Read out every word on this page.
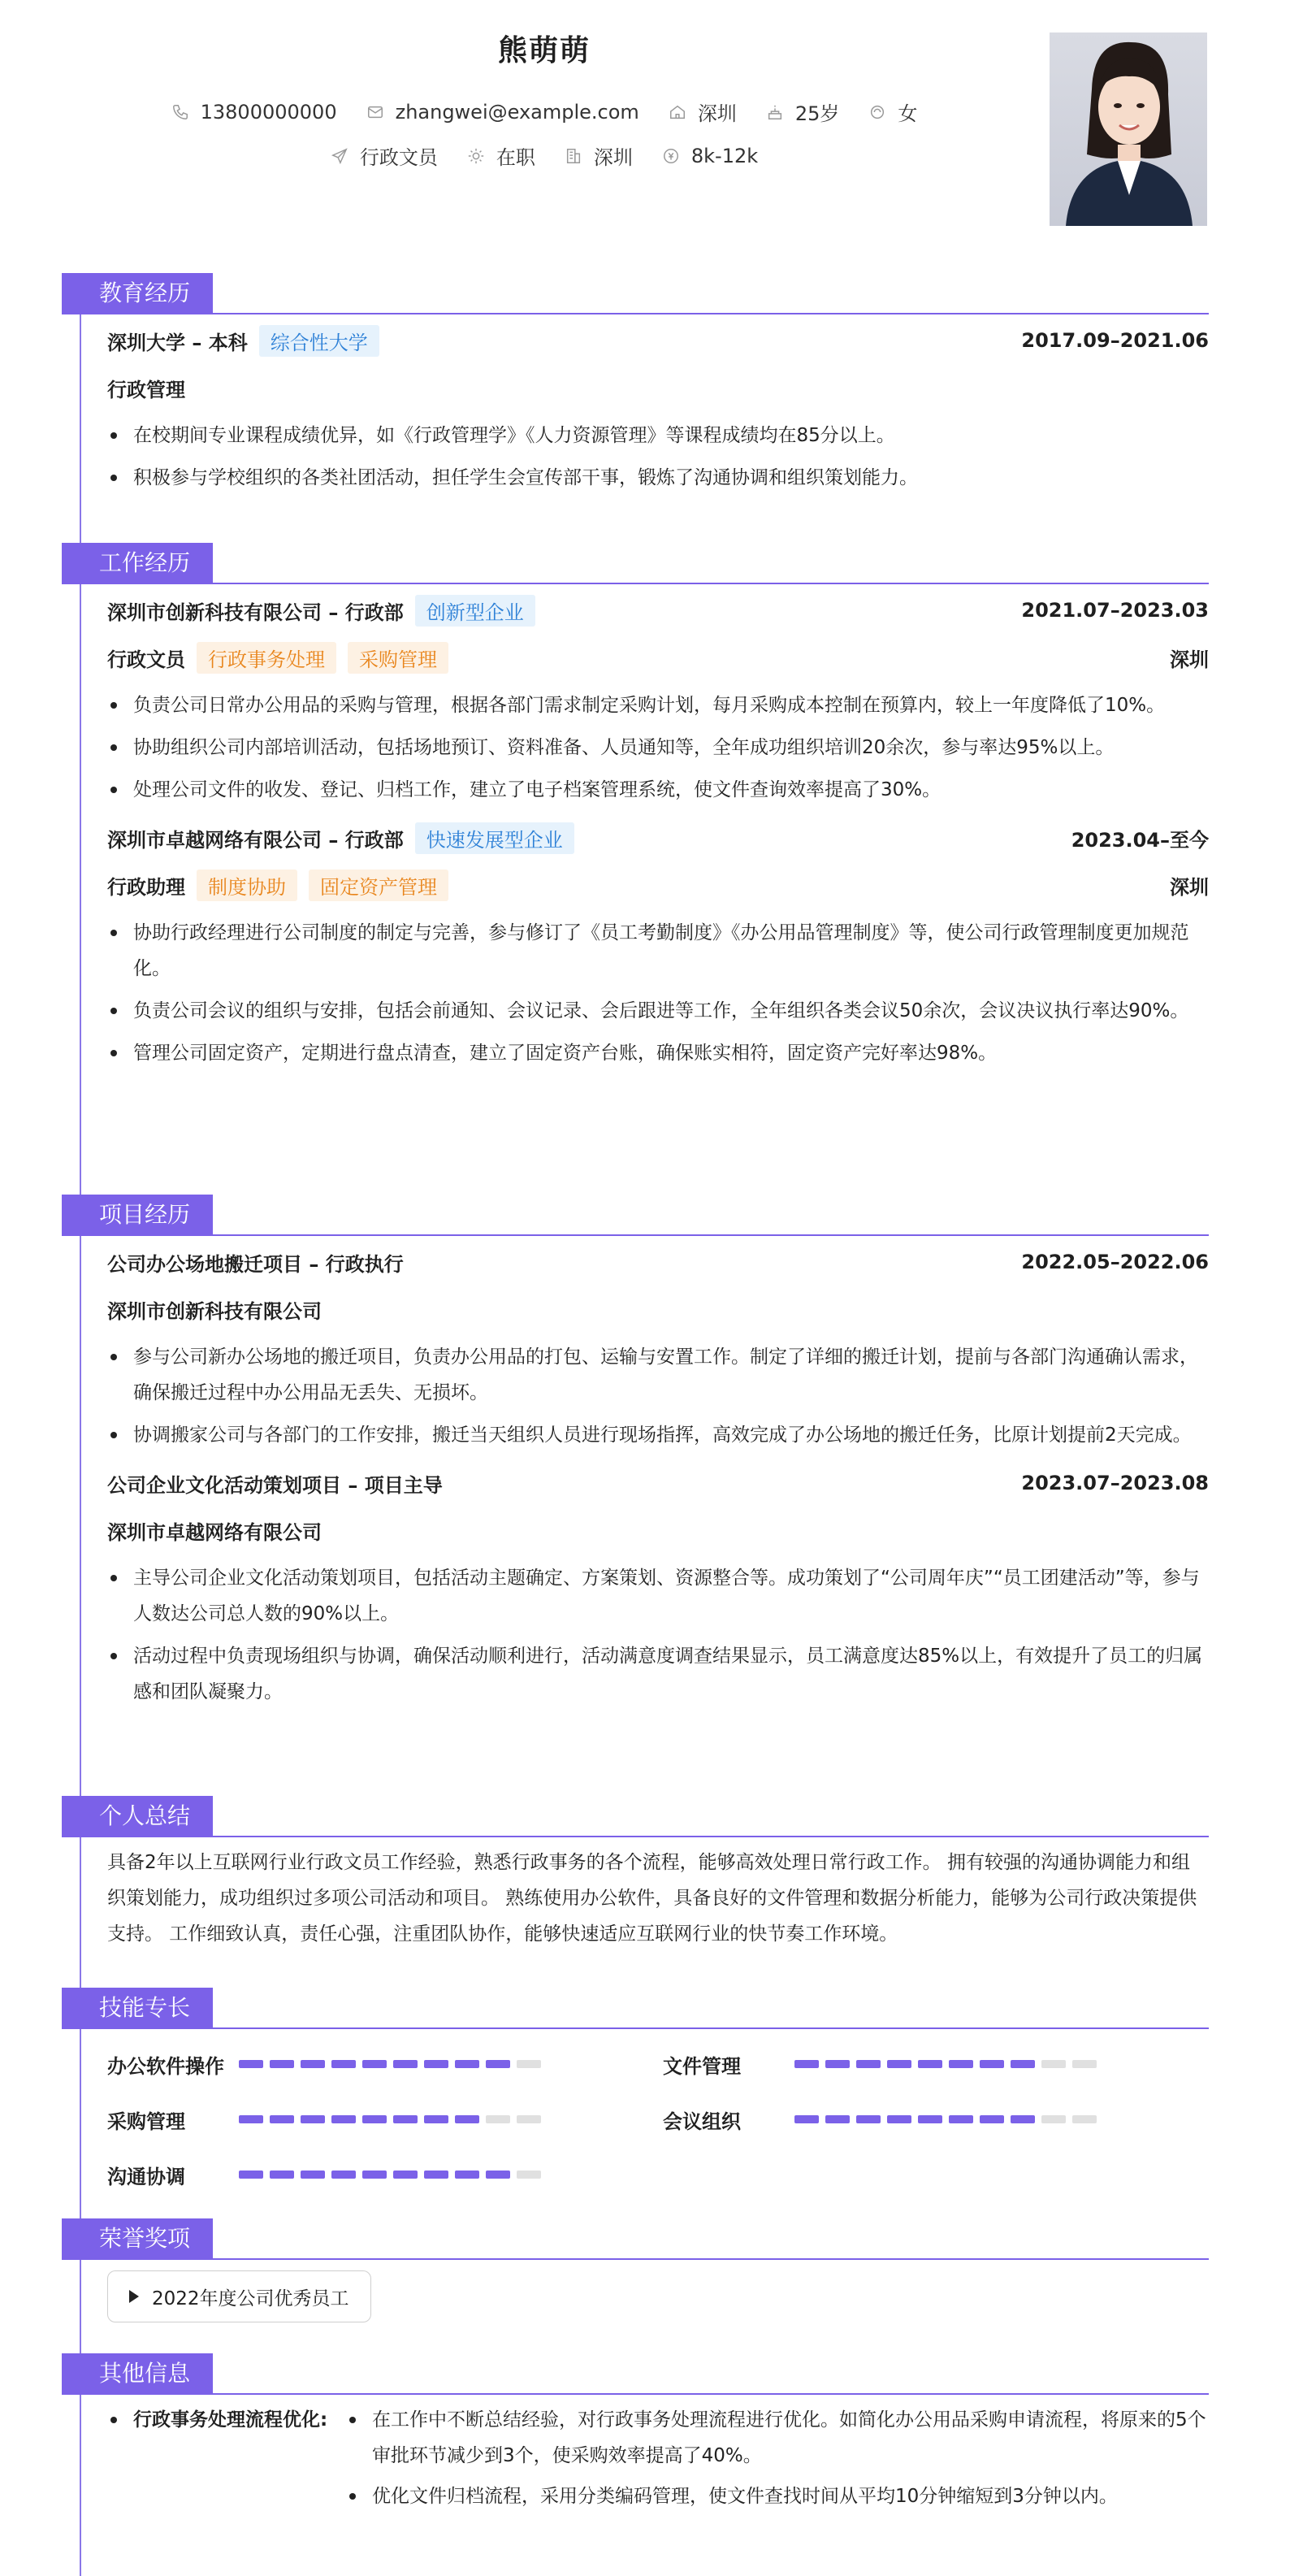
熊萌萌
13800000000	zhangwei@example.com	深圳	25岁	女
行政文员	在职	深圳	8k-12k
教育经历
深圳大学 – 本科	综合性大学	2017.09–2021.06
行政管理
在校期间专业课程成绩优异，如《行政管理学》《人力资源管理》等课程成绩均在85分以上。
积极参与学校组织的各类社团活动，担任学生会宣传部干事，锻炼了沟通协调和组织策划能力。
工作经历
深圳市创新科技有限公司 – 行政部	创新型企业	2021.07–2023.03
行政文员	行政事务处理	采购管理	深圳
负责公司日常办公用品的采购与管理，根据各部门需求制定采购计划，每月采购成本控制在预算内，较上一年度降低了10%。
协助组织公司内部培训活动，包括场地预订、资料准备、人员通知等，全年成功组织培训20余次，参与率达95%以上。
处理公司文件的收发、登记、归档工作，建立了电子档案管理系统，使文件查询效率提高了30%。
深圳市卓越网络有限公司 – 行政部	快速发展型企业	2023.04–至今
行政助理	制度协助	固定资产管理	深圳
协助行政经理进行公司制度的制定与完善，参与修订了《员工考勤制度》《办公用品管理制度》等，使公司行政管理制度更加规范化。
负责公司会议的组织与安排，包括会前通知、会议记录、会后跟进等工作，全年组织各类会议50余次，会议决议执行率达90%。
管理公司固定资产，定期进行盘点清查，建立了固定资产台账，确保账实相符，固定资产完好率达98%。
项目经历
公司办公场地搬迁项目 – 行政执行	2022.05–2022.06
深圳市创新科技有限公司
参与公司新办公场地的搬迁项目，负责办公用品的打包、运输与安置工作。制定了详细的搬迁计划，提前与各部门沟通确认需求，确保搬迁过程中办公用品无丢失、无损坏。
协调搬家公司与各部门的工作安排，搬迁当天组织人员进行现场指挥，高效完成了办公场地的搬迁任务，比原计划提前2天完成。
公司企业文化活动策划项目 – 项目主导	2023.07–2023.08
深圳市卓越网络有限公司
主导公司企业文化活动策划项目，包括活动主题确定、方案策划、资源整合等。成功策划了“公司周年庆”“员工团建活动”等，参与人数达公司总人数的90%以上。
活动过程中负责现场组织与协调，确保活动顺利进行，活动满意度调查结果显示，员工满意度达85%以上，有效提升了员工的归属感和团队凝聚力。
个人总结
具备2年以上互联网行业行政文员工作经验，熟悉行政事务的各个流程，能够高效处理日常行政工作。 拥有较强的沟通协调能力和组织策划能力，成功组织过多项公司活动和项目。 熟练使用办公软件，具备良好的文件管理和数据分析能力，能够为公司行政决策提供支持。 工作细致认真，责任心强，注重团队协作，能够快速适应互联网行业的快节奏工作环境。
技能专长
办公软件操作	文件管理
采购管理	会议组织
沟通协调
荣誉奖项
2022年度公司优秀员工
其他信息
行政事务处理流程优化:	在工作中不断总结经验，对行政事务处理流程进行优化。如简化办公用品采购申请流程，将原来的5个审批环节减少到3个，使采购效率提高了40%。
优化文件归档流程，采用分类编码管理，使文件查找时间从平均10分钟缩短到3分钟以内。
